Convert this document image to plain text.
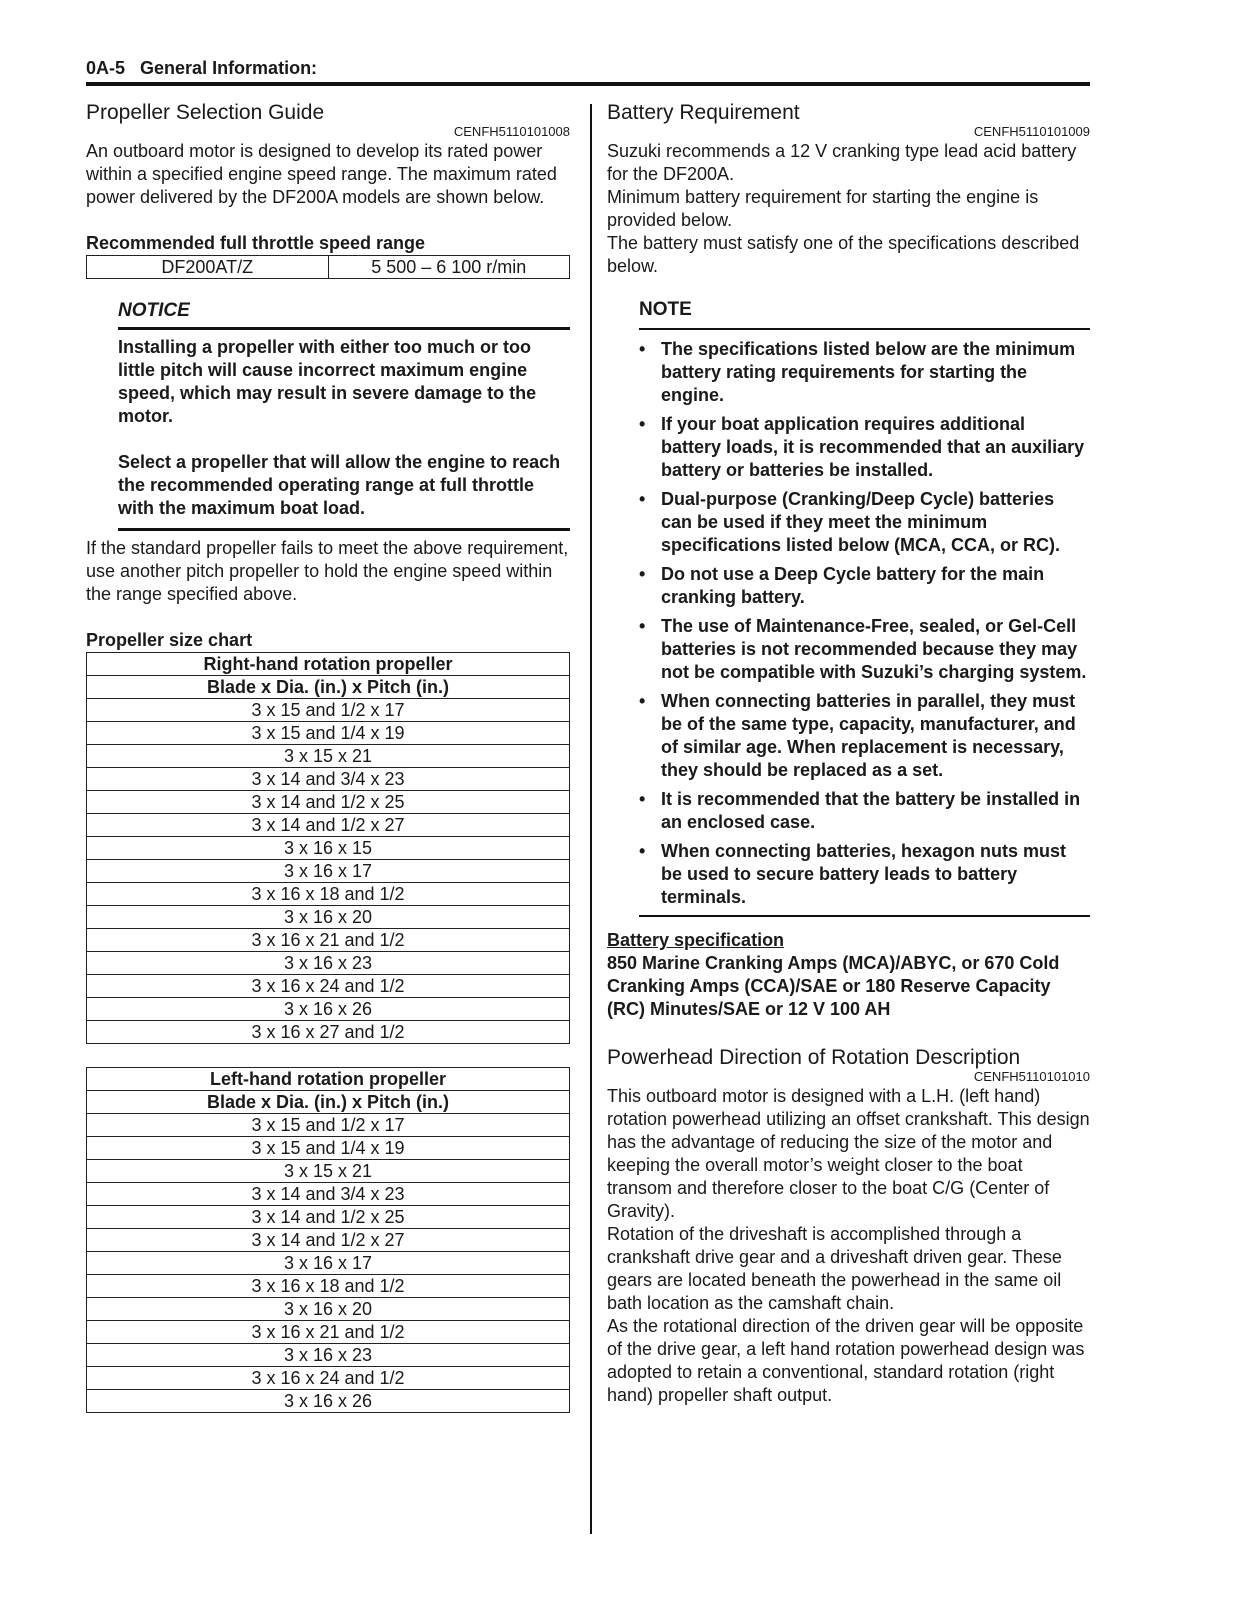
0A-5 General Information:
Propeller Selection Guide
CENFH5110101008

An outboard motor is designed to develop its rated power within a specified engine speed range. The maximum rated power delivered by the DF200A models are shown below.

Recommended full throttle speed range
DF200AT/Z	5 500 – 6 100 r/min
NOTICE

Installing a propeller with either too much or too little pitch will cause incorrect maximum engine speed, which may result in severe damage to the motor.

Select a propeller that will allow the engine to reach the recommended operating range at full throttle with the maximum boat load.

If the standard propeller fails to meet the above requirement, use another pitch propeller to hold the engine speed within the range specified above.

Propeller size chart
Right-hand rotation propeller
Blade x Dia. (in.) x Pitch (in.)
3 x 15 and 1/2 x 17
3 x 15 and 1/4 x 19
3 x 15 x 21
3 x 14 and 3/4 x 23
3 x 14 and 1/2 x 25
3 x 14 and 1/2 x 27
3 x 16 x 15
3 x 16 x 17
3 x 16 x 18 and 1/2
3 x 16 x 20
3 x 16 x 21 and 1/2
3 x 16 x 23
3 x 16 x 24 and 1/2
3 x 16 x 26
3 x 16 x 27 and 1/2
Left-hand rotation propeller
Blade x Dia. (in.) x Pitch (in.)
3 x 15 and 1/2 x 17
3 x 15 and 1/4 x 19
3 x 15 x 21
3 x 14 and 3/4 x 23
3 x 14 and 1/2 x 25
3 x 14 and 1/2 x 27
3 x 16 x 17
3 x 16 x 18 and 1/2
3 x 16 x 20
3 x 16 x 21 and 1/2
3 x 16 x 23
3 x 16 x 24 and 1/2
3 x 16 x 26
Battery Requirement
CENFH5110101009

Suzuki recommends a 12 V cranking type lead acid battery for the DF200A.

Minimum battery requirement for starting the engine is provided below.

The battery must satisfy one of the specifications described below.

NOTE
• The specifications listed below are the minimum battery rating requirements for starting the engine.
• If your boat application requires additional battery loads, it is recommended that an auxiliary battery or batteries be installed.
• Dual-purpose (Cranking/Deep Cycle) batteries can be used if they meet the minimum specifications listed below (MCA, CCA, or RC).
• Do not use a Deep Cycle battery for the main cranking battery.
• The use of Maintenance-Free, sealed, or Gel-Cell batteries is not recommended because they may not be compatible with Suzuki’s charging system.
• When connecting batteries in parallel, they must be of the same type, capacity, manufacturer, and of similar age. When replacement is necessary, they should be replaced as a set.
• It is recommended that the battery be installed in an enclosed case.
• When connecting batteries, hexagon nuts must be used to secure battery leads to battery terminals.
Battery specification
850 Marine Cranking Amps (MCA)/ABYC, or 670 Cold Cranking Amps (CCA)/SAE or 180 Reserve Capacity (RC) Minutes/SAE or 12 V 100 AH
Powerhead Direction of Rotation Description
CENFH5110101010

This outboard motor is designed with a L.H. (left hand) rotation powerhead utilizing an offset crankshaft. This design has the advantage of reducing the size of the motor and keeping the overall motor’s weight closer to the boat transom and therefore closer to the boat C/G (Center of Gravity).

Rotation of the driveshaft is accomplished through a crankshaft drive gear and a driveshaft driven gear. These gears are located beneath the powerhead in the same oil bath location as the camshaft chain.

As the rotational direction of the driven gear will be opposite of the drive gear, a left hand rotation powerhead design was adopted to retain a conventional, standard rotation (right hand) propeller shaft output.
